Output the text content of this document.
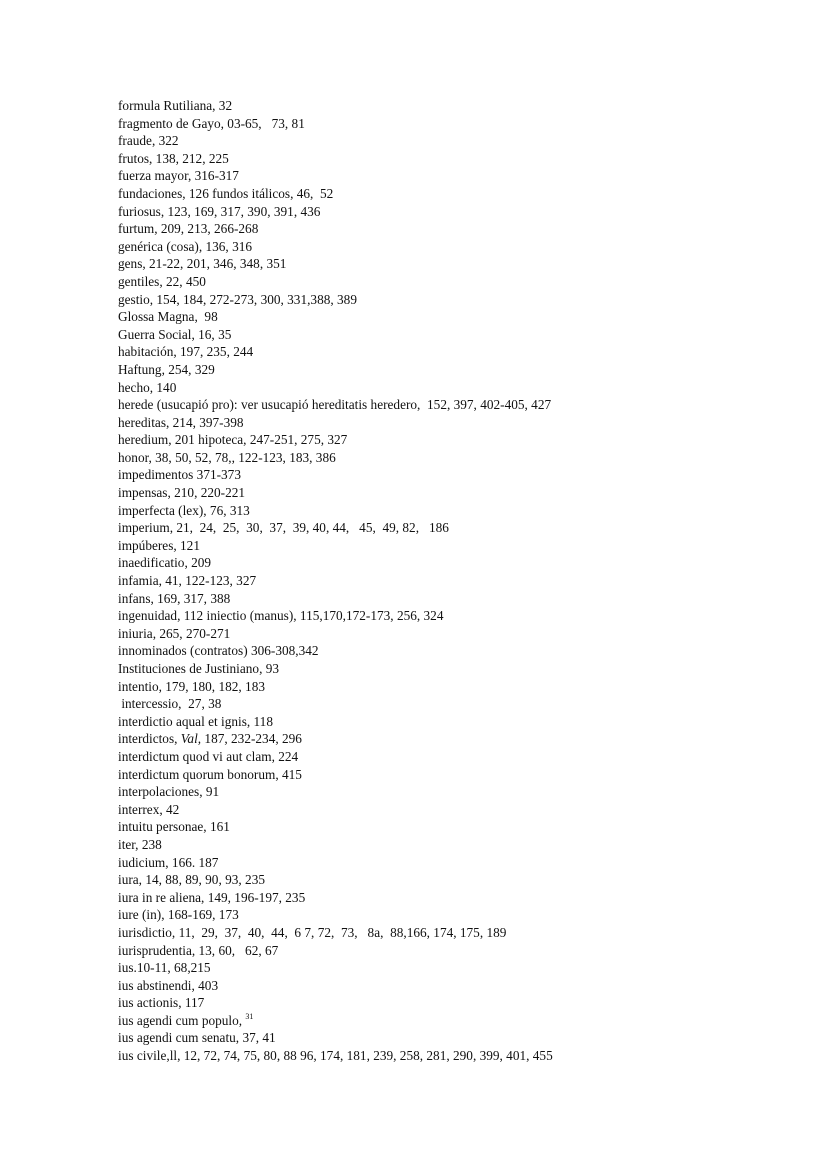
formula Rutiliana, 32
fragmento de Gayo, 03-65,   73, 81
fraude, 322
frutos, 138, 212, 225
fuerza mayor, 316-317
fundaciones, 126 fundos itálicos, 46,  52
furiosus, 123, 169, 317, 390, 391, 436
furtum, 209, 213, 266-268
genérica (cosa), 136, 316
gens, 21-22, 201, 346, 348, 351
gentiles, 22, 450
gestio, 154, 184, 272-273, 300, 331,388, 389
Glossa Magna,  98
Guerra Social, 16, 35
habitación, 197, 235, 244
Haftung, 254, 329
hecho, 140
herede (usucapió pro): ver usucapió hereditatis heredero,  152, 397, 402-405, 427
hereditas, 214, 397-398
heredium, 201 hipoteca, 247-251, 275, 327
honor, 38, 50, 52, 78,, 122-123, 183, 386
impedimentos 371-373
impensas, 210, 220-221
imperfecta (lex), 76, 313
imperium, 21,  24,  25,  30,  37,  39, 40, 44,   45,  49, 82,   186
impúberes, 121
inaedificatio, 209
infamia, 41, 122-123, 327
infans, 169, 317, 388
ingenuidad, 112 iniectio (manus), 115,170,172-173, 256, 324
iniuria, 265, 270-271
innominados (contratos) 306-308,342
Instituciones de Justiniano, 93
intentio, 179, 180, 182, 183
intercessio,  27, 38
interdictio aqual et ignis, 118
interdictos, Val, 187, 232-234, 296
interdictum quod vi aut clam, 224
interdictum quorum bonorum, 415
interpolaciones, 91
interrex, 42
intuitu personae, 161
iter, 238
iudicium, 166. 187
iura, 14, 88, 89, 90, 93, 235
iura in re aliena, 149, 196-197, 235
iure (in), 168-169, 173
iurisdictio, 11,  29,  37,  40,  44,  6 7, 72,  73,   8a,  88,166, 174, 175, 189
iurisprudentia, 13, 60,   62, 67
ius.10-11, 68,215
ius abstinendi, 403
ius actionis, 117
ius agendi cum populo, $^{31}$
ius agendi cum senatu, 37, 41
ius civile,ll, 12, 72, 74, 75, 80, 88 96, 174, 181, 239, 258, 281, 290, 399, 401, 455
